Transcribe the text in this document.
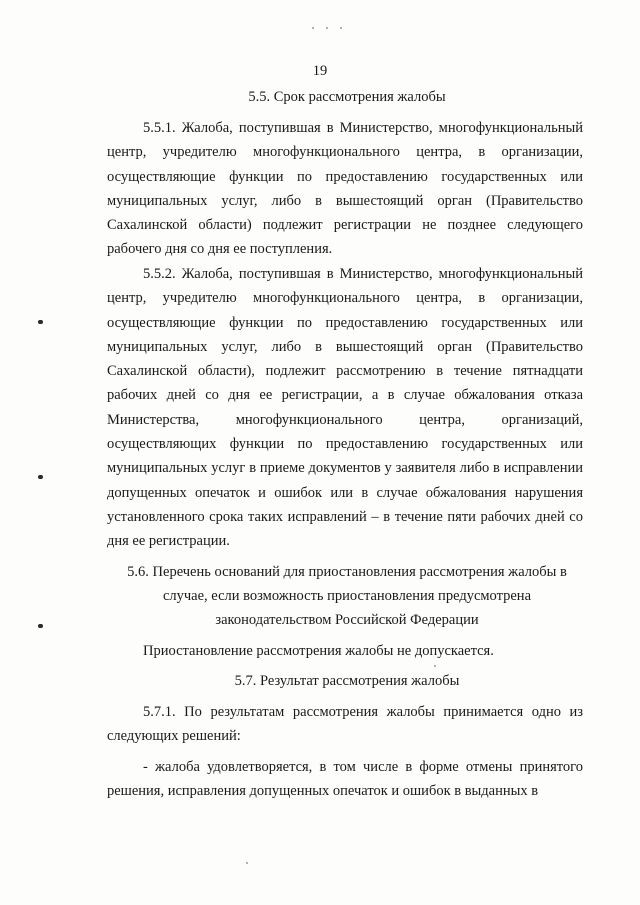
19
5.5. Срок рассмотрения жалобы

5.5.1. Жалоба, поступившая в Министерство, многофункциональный центр, учредителю многофункционального центра, в организации, осуществляющие функции по предоставлению государственных или муниципальных услуг, либо в вышестоящий орган (Правительство Сахалинской области) подлежит регистрации не позднее следующего рабочего дня со дня ее поступления.

5.5.2. Жалоба, поступившая в Министерство, многофункциональный центр, учредителю многофункционального центра, в организации, осуществляющие функции по предоставлению государственных или муниципальных услуг, либо в вышестоящий орган (Правительство Сахалинской области), подлежит рассмотрению в течение пятнадцати рабочих дней со дня ее регистрации, а в случае обжалования отказа Министерства, многофункционального центра, организаций, осуществляющих функции по предоставлению государственных или муниципальных услуг в приеме документов у заявителя либо в исправлении допущенных опечаток и ошибок или в случае обжалования нарушения установленного срока таких исправлений – в течение пяти рабочих дней со дня ее регистрации.

5.6. Перечень оснований для приостановления рассмотрения жалобы в
случае, если возможность приостановления предусмотрена
законодательством Российской Федерации

Приостановление рассмотрения жалобы не допускается.

5.7. Результат рассмотрения жалобы

5.7.1. По результатам рассмотрения жалобы принимается одно из следующих решений:

- жалоба удовлетворяется, в том числе в форме отмены принятого решения, исправления допущенных опечаток и ошибок в выданных в
